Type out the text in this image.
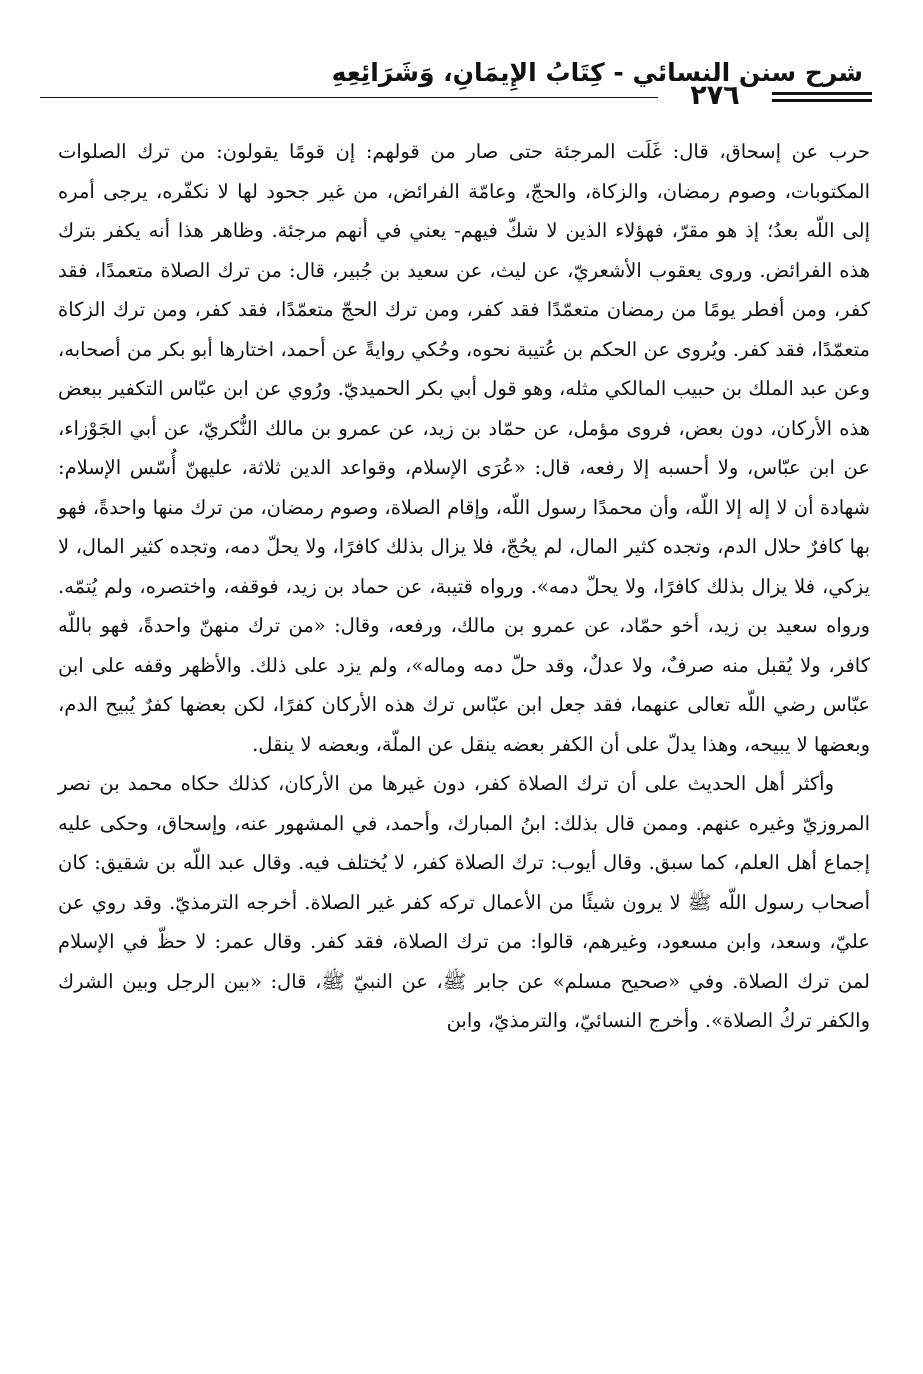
شرح سنن النسائي - كِتَابُ الإِيمَانِ، وَشَرَائِعِهِ
٢٧٦

حرب عن إسحاق، قال: غَلَت المرجئة حتى صار من قولهم: إن قومًا يقولون: من ترك الصلوات المكتوبات، وصوم رمضان، والزكاة، والحجّ، وعامّة الفرائض، من غير جحود لها لا نكفّره، يرجى أمره إلى اللّه بعدُ؛ إذ هو مقرّ، فهؤلاء الذين لا شكّ فيهم- يعني في أنهم مرجئة. وظاهر هذا أنه يكفر بترك هذه الفرائض. وروى يعقوب الأشعريّ، عن ليث، عن سعيد بن جُبير، قال: من ترك الصلاة متعمدًا، فقد كفر، ومن أفطر يومًا من رمضان متعمّدًا فقد كفر، ومن ترك الحجّ متعمّدًا، فقد كفر، ومن ترك الزكاة متعمّدًا، فقد كفر. ويُروى عن الحكم بن عُتيبة نحوه، وحُكي روايةً عن أحمد، اختارها أبو بكر من أصحابه، وعن عبد الملك بن حبيب المالكي مثله، وهو قول أبي بكر الحميديّ. ورُوي عن ابن عبّاس التكفير ببعض هذه الأركان، دون بعض، فروى مؤمل، عن حمّاد بن زيد، عن عمرو بن مالك النُّكريّ، عن أبي الجَوْزاء، عن ابن عبّاس، ولا أحسبه إلا رفعه، قال: «عُرَى الإسلام، وقواعد الدين ثلاثة، عليهنّ أُسّس الإسلام: شهادة أن لا إله إلا اللّه، وأن محمدًا رسول اللّه، وإقام الصلاة، وصوم رمضان، من ترك منها واحدةً، فهو بها كافرٌ حلال الدم، وتجده كثير المال، لم يحُجّ، فلا يزال بذلك كافرًا، ولا يحلّ دمه، وتجده كثير المال، لا يزكي، فلا يزال بذلك كافرًا، ولا يحلّ دمه». ورواه قتيبة، عن حماد بن زيد، فوقفه، واختصره، ولم يُتمّه. ورواه سعيد بن زيد، أخو حمّاد، عن عمرو بن مالك، ورفعه، وقال: «من ترك منهنّ واحدةً، فهو باللّه كافر، ولا يُقبل منه صرفٌ، ولا عدلٌ، وقد حلّ دمه وماله»، ولم يزد على ذلك. والأظهر وقفه على ابن عبّاس رضي اللّه تعالى عنهما، فقد جعل ابن عبّاس ترك هذه الأركان كفرًا، لكن بعضها كفرٌ يُبيح الدم، وبعضها لا يبيحه، وهذا يدلّ على أن الكفر بعضه ينقل عن الملّة، وبعضه لا ينقل.

وأكثر أهل الحديث على أن ترك الصلاة كفر، دون غيرها من الأركان، كذلك حكاه محمد بن نصر المروزيّ وغيره عنهم. وممن قال بذلك: ابنُ المبارك، وأحمد، في المشهور عنه، وإسحاق، وحكى عليه إجماع أهل العلم، كما سبق. وقال أيوب: ترك الصلاة كفر، لا يُختلف فيه. وقال عبد اللّه بن شقيق: كان أصحاب رسول اللّه ﷺ لا يرون شيئًا من الأعمال تركه كفر غير الصلاة. أخرجه الترمذيّ. وقد روي عن عليّ، وسعد، وابن مسعود، وغيرهم، قالوا: من ترك الصلاة، فقد كفر. وقال عمر: لا حظّ في الإسلام لمن ترك الصلاة. وفي «صحيح مسلم» عن جابر ﷺ، عن النبيّ ﷺ، قال: «بين الرجل وبين الشرك والكفر تركُ الصلاة». وأخرج النسائيّ، والترمذيّ، وابن
